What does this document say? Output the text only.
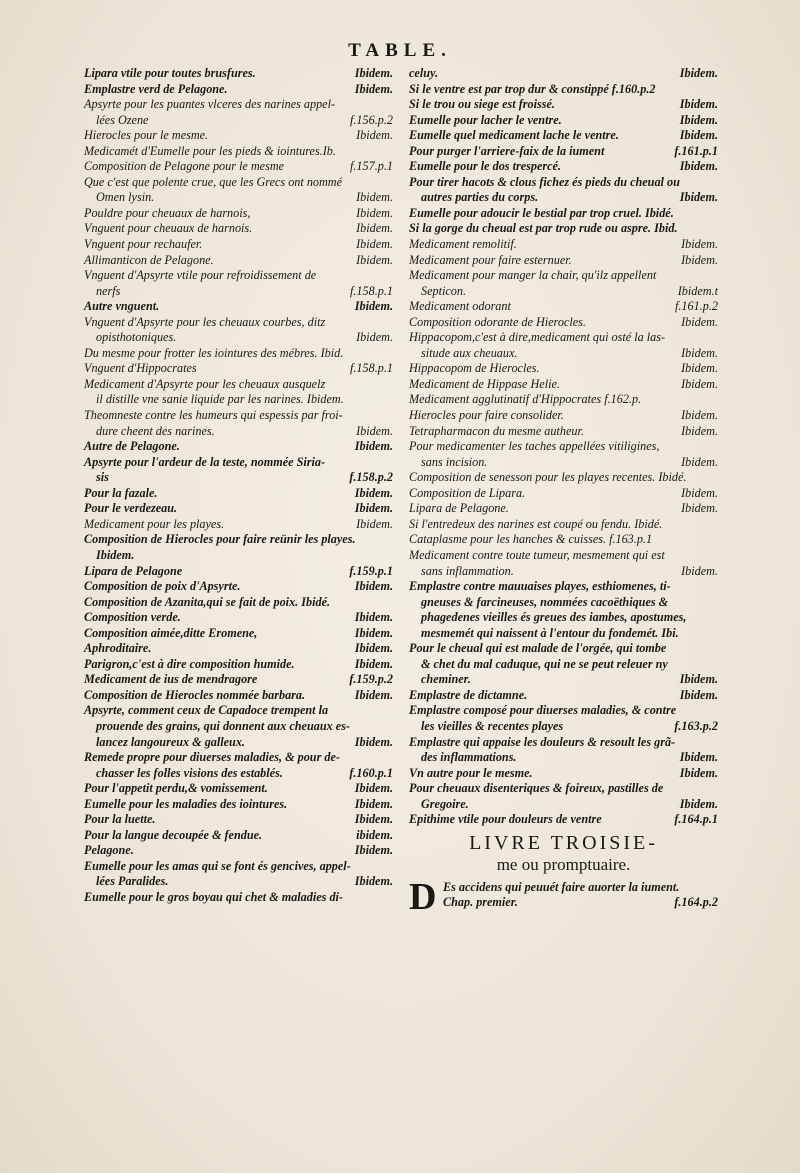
TABLE.
Lipara vtile pour toutes brusfures.	Ibidem.
Emplastre verd de Pelagone.	Ibidem.
Apsyrte pour les puantes vlceres des narines appel-
lées Ozene	f.156.p.2
Hierocles pour le mesme.	Ibidem.
Medicamét d'Eumelle pour les pieds & iointures.Ib.
Composition de Pelagone pour le mesme	f.157.p.1
Que c'est que polente crue, que les Grecs ont nommé
Omen lysin.	Ibidem.
Pouldre pour cheuaux de harnois,	Ibidem.
Vnguent pour cheuaux de harnois.	Ibidem.
Vnguent pour rechaufer.	Ibidem.
Allimanticon de Pelagone.	Ibidem.
Vnguent d'Apsyrte vtile pour refroidissement de
nerfs	f.158.p.1
Autre vnguent.	Ibidem.
Vnguent d'Apsyrte pour les cheuaux courbes, ditz
opisthotoniques.	Ibidem.
Du mesme pour frotter les iointures des mébres. Ibid.
Vnguent d'Hippocrates	f.158.p.1
Medicament d'Apsyrte pour les cheuaux ausquelz
il distille vne sanie liquide par les narines. Ibidem.
Theomneste contre les humeurs qui espessis par froi-
dure cheent des narines.	Ibidem.
Autre de Pelagone.	Ibidem.
Apsyrte pour l'ardeur de la teste, nommée Siria-
sis	f.158.p.2
Pour la fazale.	Ibidem.
Pour le verdezeau.	Ibidem.
Medicament pour les playes.	Ibidem.
Composition de Hierocles pour faire reünir les playes.
Ibidem.
Lipara de Pelagone	f.159.p.1
Composition de poix d'Apsyrte.	Ibidem.
Composition de Azanita,qui se fait de poix. Ibidé.
Composition verde.	Ibidem.
Composition aimée,ditte Eromene,	Ibidem.
Aphroditaire.	Ibidem.
Parigron,c'est à dire composition humide.	Ibidem.
Medicament de ius de mendragore	f.159.p.2
Composition de Hierocles nommée barbara.	Ibidem.
Apsyrte, comment ceux de Capadoce trempent la
prouende des grains, qui donnent aux cheuaux es-
lancez langoureux & galleux.	Ibidem.
Remede propre pour diuerses maladies, & pour de-
chasser les folles visions des establés.	f.160.p.1
Pour l'appetit perdu,& vomissement.	Ibidem.
Eumelle pour les maladies des iointures.	Ibidem.
Pour la luette.	Ibidem.
Pour la langue decoupée & fendue.	ibidem.
Pelagone.	Ibidem.
Eumelle pour les amas qui se font és gencives, appel-
lées Paralides.	Ibidem.
Eumelle pour le gros boyau qui chet & maladies di-
celuy.	Ibidem.
Si le ventre est par trop dur & constippé f.160.p.2
Si le trou ou siege est froissé.	Ibidem.
Eumelle pour lacher le ventre.	Ibidem.
Eumelle quel medicament lache le ventre.	Ibidem.
Pour purger l'arriere-faix de la iument	f.161.p.1
Eumelle pour le dos trespercé.	Ibidem.
Pour tirer hacots & clous fichez és pieds du cheual ou
autres parties du corps.	Ibidem.
Eumelle pour adoucir le bestial par trop cruel. Ibidé.
Si la gorge du cheual est par trop rude ou aspre. Ibid.
Medicament remolitif.	Ibidem.
Medicament pour faire esternuer.	Ibidem.
Medicament pour manger la chair, qu'ilz appellent
Septicon.	Ibidem.t
Medicament odorant	f.161.p.2
Composition odorante de Hierocles.	Ibidem.
Hippacopom,c'est à dire,medicament qui osté la las-
situde aux cheuaux.	Ibidem.
Hippacopom de Hierocles.	Ibidem.
Medicament de Hippase Helie.	Ibidem.
Medicament agglutinatif d'Hippocrates f.162.p.
Hierocles pour faire consolider.	Ibidem.
Tetrapharmacon du mesme autheur.	Ibidem.
Pour medicamenter les taches appellées vitiligines,
sans incision.	Ibidem.
Composition de senesson pour les playes recentes. Ibidé.
Composition de Lipara.	Ibidem.
Lipara de Pelagone.	Ibidem.
Si l'entredeux des narines est coupé ou fendu. Ibidé.
Cataplasme pour les hanches & cuisses. f.163.p.1
Medicament contre toute tumeur, mesmement qui est
sans inflammation.	Ibidem.
Emplastre contre mauuaises playes, esthiomenes, ti-
gneuses & farcineuses, nommées cacoëthiques &
phagedenes vieilles és greues des iambes, apostumes,
mesmemét qui naissent à l'entour du fondemét. Ibi.
Pour le cheual qui est malade de l'orgée, qui tombe
& chet du mal caduque, qui ne se peut releuer ny
cheminer.	Ibidem.
Emplastre de dictamne.	Ibidem.
Emplastre composé pour diuerses maladies, & contre
les vieilles & recentes playes	f.163.p.2
Emplastre qui appaise les douleurs & resoult les grã-
des inflammations.	Ibidem.
Vn autre pour le mesme.	Ibidem.
Pour cheuaux disenteriques & foireux, pastilles de
Gregoire.	Ibidem.
Epithime vtile pour douleurs de ventre	f.164.p.1
LIVRE TROISIE-
me ou promptuaire.
D Es accidens qui peuuét faire auorter la iument.
Chap. premier.	f.164.p.2
